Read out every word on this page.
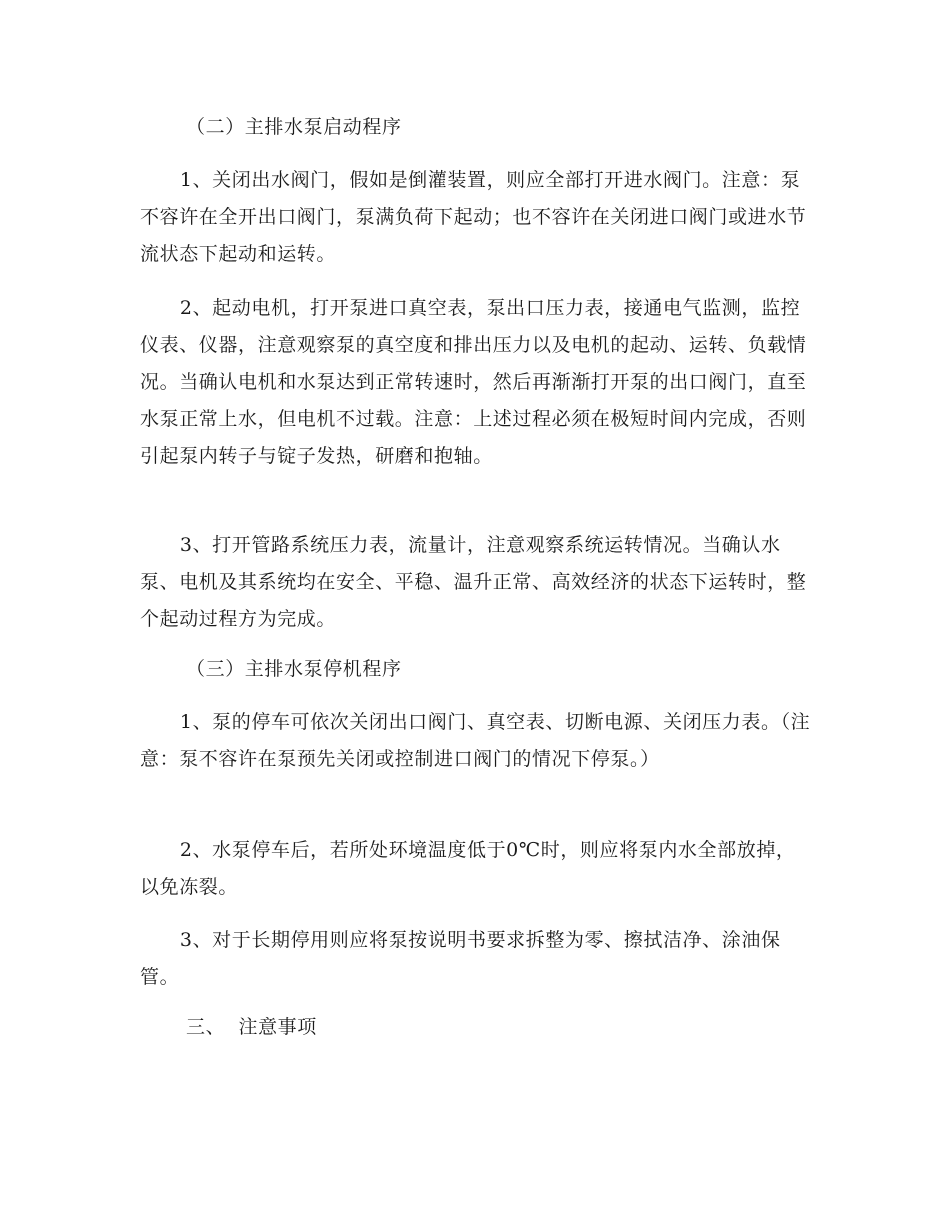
（二）主排水泵启动程序

1、关闭出水阀门，假如是倒灌装置，则应全部打开进水阀门。注意：泵不容许在全开出口阀门，泵满负荷下起动；也不容许在关闭进口阀门或进水节流状态下起动和运转。

2、起动电机，打开泵进口真空表，泵出口压力表，接通电气监测，监控仪表、仪器，注意观察泵的真空度和排出压力以及电机的起动、运转、负载情况。当确认电机和水泵达到正常转速时，然后再渐渐打开泵的出口阀门，直至水泵正常上水，但电机不过载。注意：上述过程必须在极短时间内完成，否则引起泵内转子与锭子发热，研磨和抱轴。

3、打开管路系统压力表，流量计，注意观察系统运转情况。当确认水泵、电机及其系统均在安全、平稳、温升正常、高效经济的状态下运转时，整个起动过程方为完成。

（三）主排水泵停机程序

1、泵的停车可依次关闭出口阀门、真空表、切断电源、关闭压力表。（注意：泵不容许在泵预先关闭或控制进口阀门的情况下停泵。）

2、水泵停车后，若所处环境温度低于0℃时，则应将泵内水全部放掉，以免冻裂。

3、对于长期停用则应将泵按说明书要求拆整为零、擦拭洁净、涂油保管。

三、  注意事项
